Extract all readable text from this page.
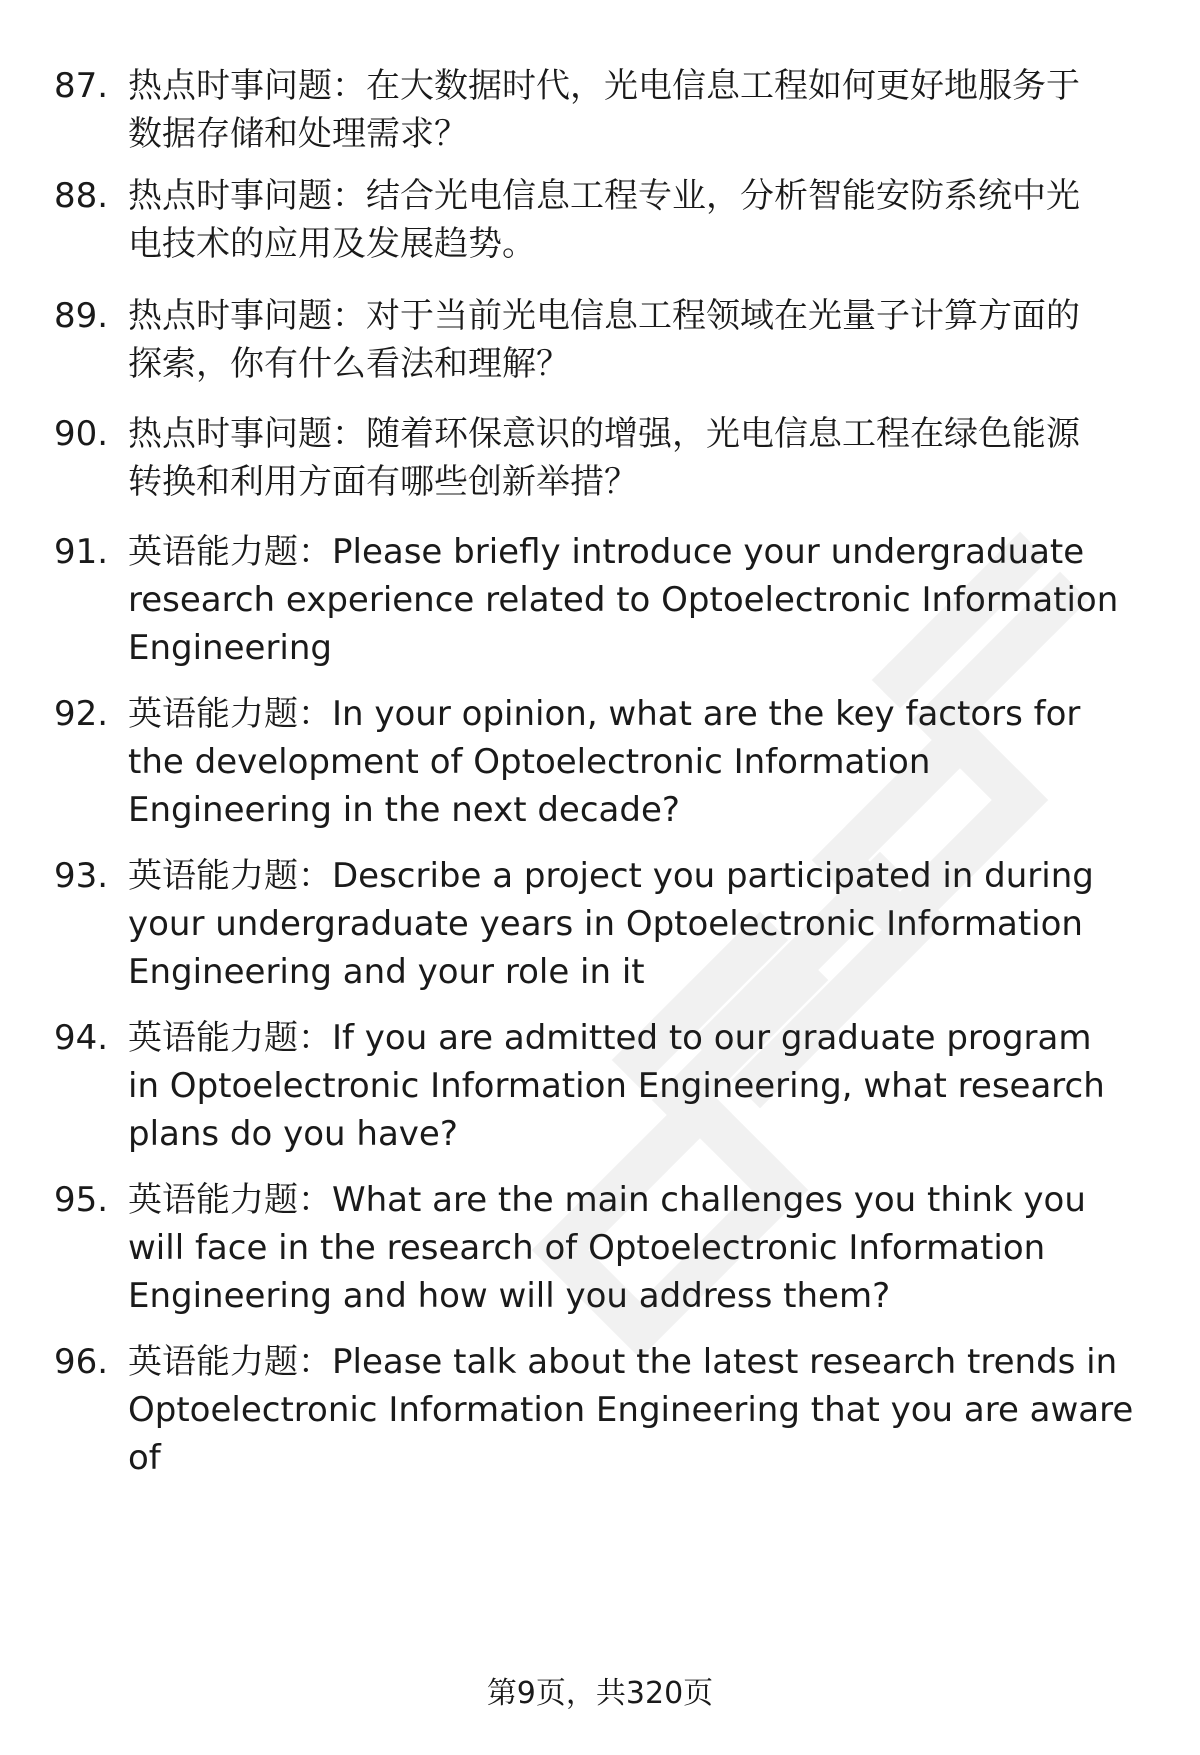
87. 热点时事问题：在大数据时代，光电信息工程如何更好地服务于
数据存储和处理需求？
88. 热点时事问题：结合光电信息工程专业，分析智能安防系统中光
电技术的应用及发展趋势。
89. 热点时事问题：对于当前光电信息工程领域在光量子计算方面的
探索，你有什么看法和理解？
90. 热点时事问题：随着环保意识的增强，光电信息工程在绿色能源
转换和利用方面有哪些创新举措？
91. 英语能力题：Please briefly introduce your undergraduate
research experience related to Optoelectronic Information
Engineering
92. 英语能力题：In your opinion, what are the key factors for
the development of Optoelectronic Information
Engineering in the next decade?
93. 英语能力题：Describe a project you participated in during
your undergraduate years in Optoelectronic Information
Engineering and your role in it
94. 英语能力题：If you are admitted to our graduate program
in Optoelectronic Information Engineering, what research
plans do you have?
95. 英语能力题：What are the main challenges you think you
will face in the research of Optoelectronic Information
Engineering and how will you address them?
96. 英语能力题：Please talk about the latest research trends in
Optoelectronic Information Engineering that you are aware
of
第9页，共320页
